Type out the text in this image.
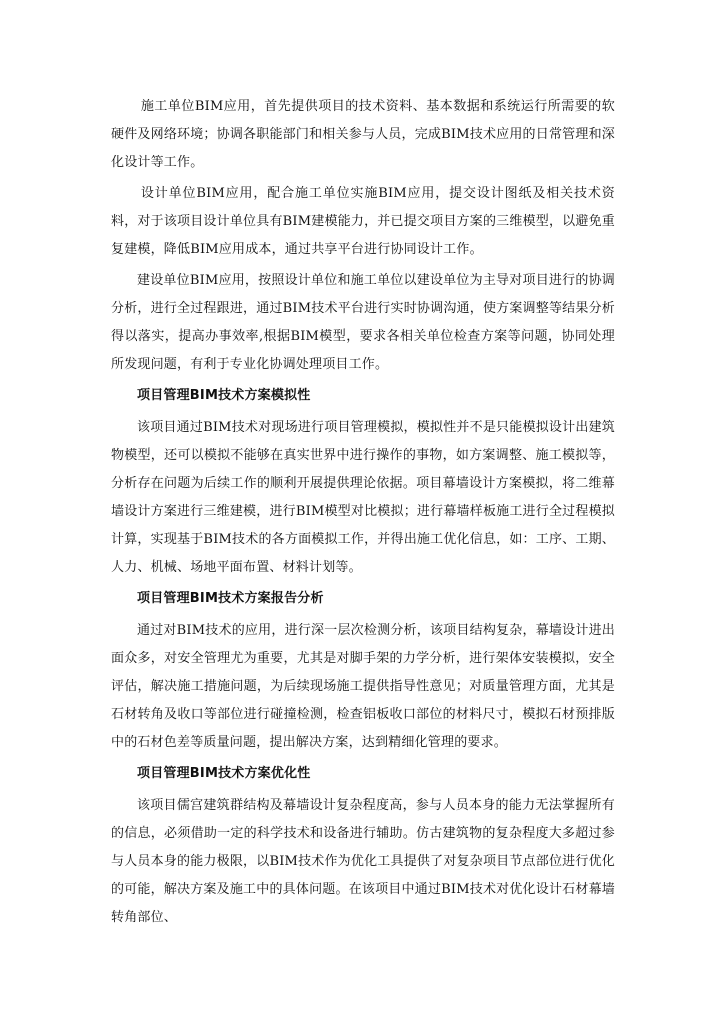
施工单位BIM应用，首先提供项目的技术资料、基本数据和系统运行所需要的软硬件及网络环境；协调各职能部门和相关参与人员，完成BIM技术应用的日常管理和深化设计等工作。

设计单位BIM应用，配合施工单位实施BIM应用，提交设计图纸及相关技术资料，对于该项目设计单位具有BIM建模能力，并已提交项目方案的三维模型，以避免重复建模，降低BIM应用成本，通过共享平台进行协同设计工作。

建设单位BIM应用，按照设计单位和施工单位以建设单位为主导对项目进行的协调分析，进行全过程跟进，通过BIM技术平台进行实时协调沟通，使方案调整等结果分析得以落实，提高办事效率,根据BIM模型，要求各相关单位检查方案等问题，协同处理所发现问题，有利于专业化协调处理项目工作。

项目管理BIM技术方案模拟性

该项目通过BIM技术对现场进行项目管理模拟，模拟性并不是只能模拟设计出建筑物模型，还可以模拟不能够在真实世界中进行操作的事物，如方案调整、施工模拟等，分析存在问题为后续工作的顺利开展提供理论依据。项目幕墙设计方案模拟，将二维幕墙设计方案进行三维建模，进行BIM模型对比模拟；进行幕墙样板施工进行全过程模拟计算，实现基于BIM技术的各方面模拟工作，并得出施工优化信息，如：工序、工期、人力、机械、场地平面布置、材料计划等。

项目管理BIM技术方案报告分析

通过对BIM技术的应用，进行深一层次检测分析，该项目结构复杂，幕墙设计进出面众多，对安全管理尤为重要，尤其是对脚手架的力学分析，进行架体安装模拟，安全评估，解决施工措施问题，为后续现场施工提供指导性意见；对质量管理方面，尤其是石材转角及收口等部位进行碰撞检测，检查铝板收口部位的材料尺寸，模拟石材预排版中的石材色差等质量问题，提出解决方案，达到精细化管理的要求。

项目管理BIM技术方案优化性

该项目儒宫建筑群结构及幕墙设计复杂程度高，参与人员本身的能力无法掌握所有的信息，必须借助一定的科学技术和设备进行辅助。仿古建筑物的复杂程度大多超过参与人员本身的能力极限，以BIM技术作为优化工具提供了对复杂项目节点部位进行优化的可能，解决方案及施工中的具体问题。在该项目中通过BIM技术对优化设计石材幕墙转角部位、
